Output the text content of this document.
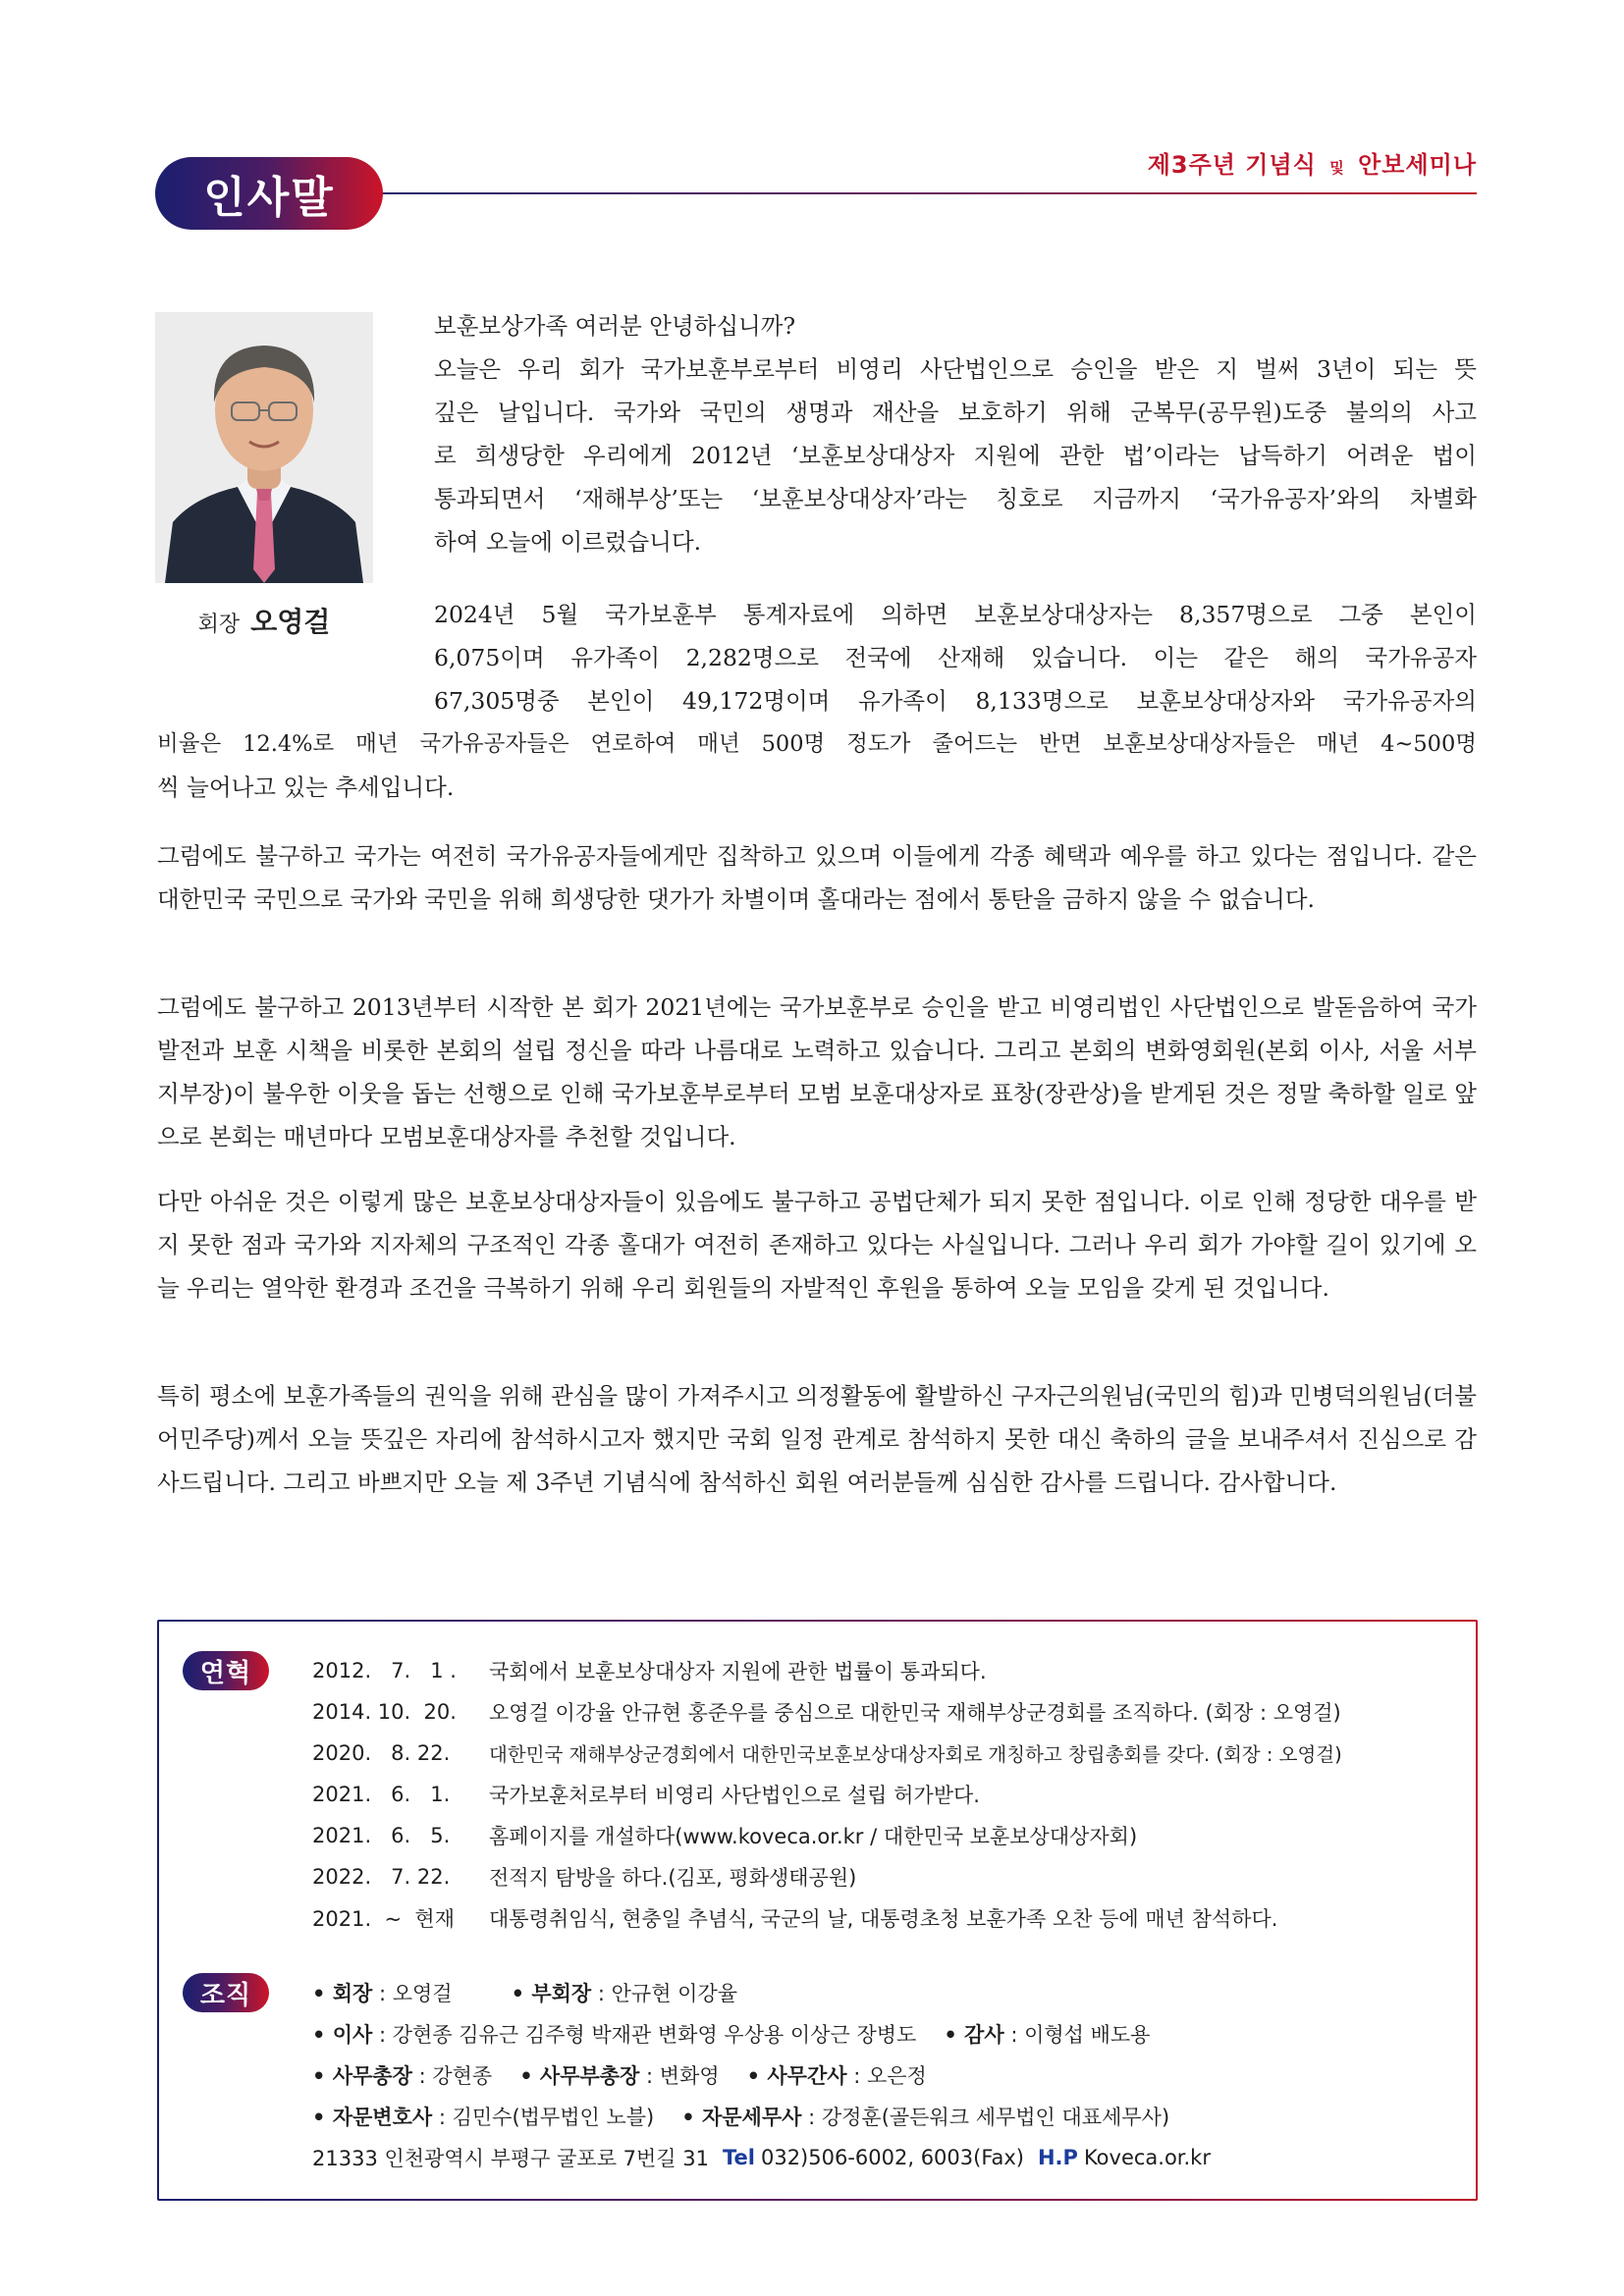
인사말
제3주년 기념식 및 안보세미나
회장 오영걸
보훈보상가족 여러분 안녕하십니까?
오늘은 우리 회가 국가보훈부로부터 비영리 사단법인으로 승인을 받은 지 벌써 3년이 되는 뜻
깊은 날입니다. 국가와 국민의 생명과 재산을 보호하기 위해 군복무(공무원)도중 불의의 사고
로 희생당한 우리에게 2012년 ‘보훈보상대상자 지원에 관한 법’이라는 납득하기 어려운 법이
통과되면서 ‘재해부상’또는 ‘보훈보상대상자’라는 칭호로 지금까지 ‘국가유공자’와의 차별화
하여 오늘에 이르렀습니다.
2024년 5월 국가보훈부 통계자료에 의하면 보훈보상대상자는 8,357명으로 그중 본인이
6,075이며 유가족이 2,282명으로 전국에 산재해 있습니다. 이는 같은 해의 국가유공자
67,305명중 본인이 49,172명이며 유가족이 8,133명으로 보훈보상대상자와 국가유공자의
비율은 12.4%로 매년 국가유공자들은 연로하여 매년 500명 정도가 줄어드는 반면 보훈보상대상자들은 매년 4~500명
씩 늘어나고 있는 추세입니다.
그럼에도 불구하고 국가는 여전히 국가유공자들에게만 집착하고 있으며 이들에게 각종 혜택과 예우를 하고 있다는 점입니다. 같은 대한민국 국민으로 국가와 국민을 위해 희생당한 댓가가 차별이며 홀대라는 점에서 통탄을 금하지 않을 수 없습니다.
그럼에도 불구하고 2013년부터 시작한 본 회가 2021년에는 국가보훈부로 승인을 받고 비영리법인 사단법인으로 발돋음하여 국가발전과 보훈 시책을 비롯한 본회의 설립 정신을 따라 나름대로 노력하고 있습니다. 그리고 본회의 변화영회원(본회 이사, 서울 서부지부장)이 불우한 이웃을 돕는 선행으로 인해 국가보훈부로부터 모범 보훈대상자로 표창(장관상)을 받게된 것은 정말 축하할 일로 앞으로 본회는 매년마다 모범보훈대상자를 추천할 것입니다.
다만 아쉬운 것은 이렇게 많은 보훈보상대상자들이 있음에도 불구하고 공법단체가 되지 못한 점입니다. 이로 인해 정당한 대우를 받지 못한 점과 국가와 지자체의 구조적인 각종 홀대가 여전히 존재하고 있다는 사실입니다. 그러나 우리 회가 가야할 길이 있기에 오늘 우리는 열악한 환경과 조건을 극복하기 위해 우리 회원들의 자발적인 후원을 통하여 오늘 모임을 갖게 된 것입니다.
특히 평소에 보훈가족들의 권익을 위해 관심을 많이 가져주시고 의정활동에 활발하신 구자근의원님(국민의 힘)과 민병덕의원님(더불어민주당)께서 오늘 뜻깊은 자리에 참석하시고자 했지만 국회 일정 관계로 참석하지 못한 대신 축하의 글을 보내주셔서 진심으로 감사드립니다. 그리고 바쁘지만 오늘 제 3주년 기념식에 참석하신 회원 여러분들께 심심한 감사를 드립니다. 감사합니다.
연혁	2012.   7.   1 .	국회에서 보훈보상대상자 지원에 관한 법률이 통과되다.
2014. 10.  20.	오영걸 이강율 안규현 홍준우를 중심으로 대한민국 재해부상군경회를 조직하다. (회장 : 오영걸)
2020.   8. 22.	대한민국 재해부상군경회에서 대한민국보훈보상대상자회로 개칭하고 창립총회를 갖다. (회장 : 오영걸)
2021.   6.   1.	국가보훈처로부터 비영리 사단법인으로 설립 허가받다.
2021.   6.   5.	홈페이지를 개설하다(www.koveca.or.kr / 대한민국 보훈보상대상자회)
2022.   7. 22.	전적지 탐방을 하다.(김포, 평화생태공원)
2021.  ~  현재	대통령취임식, 현충일 추념식, 국군의 날, 대통령초청 보훈가족 오찬 등에 매년 참석하다.
조직	• 회장 : 오영걸	• 부회장 : 안규현 이강율
• 이사 : 강현종 김유근 김주형 박재관 변화영 우상용 이상근 장병도 • 감사 : 이형섭 배도용
• 사무총장 : 강현종 • 사무부총장 : 변화영 • 사무간사 : 오은정
• 자문변호사 : 김민수(법무법인 노블) • 자문세무사 : 강정훈(골든워크 세무법인 대표세무사)
21333 인천광역시 부평구 굴포로 7번길 31 Tel 032)506-6002, 6003(Fax) H.P Koveca.or.kr
